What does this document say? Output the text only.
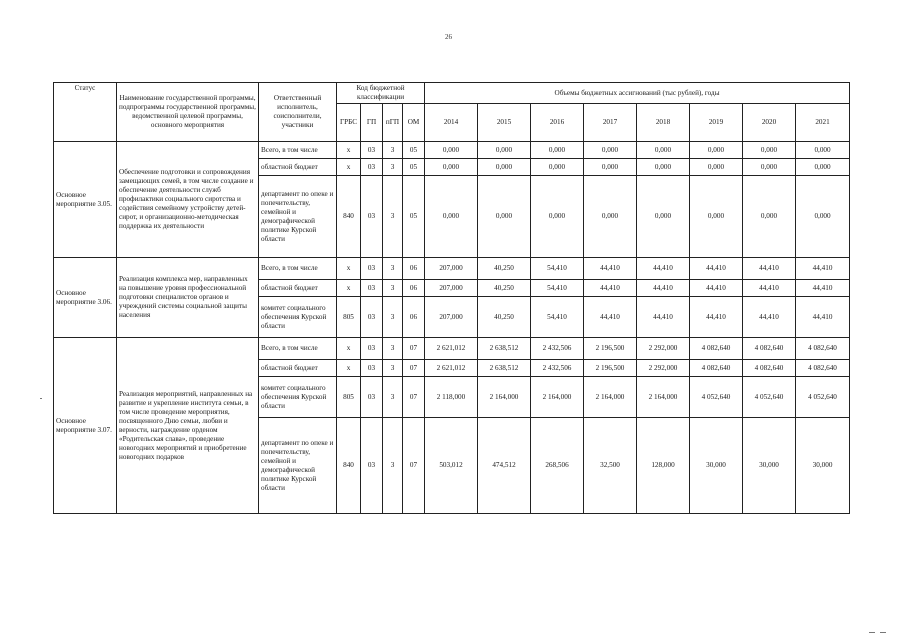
26
Статус	Наименование государственной программы, подпрограммы государственной программы, ведомственной целевой программы, основного мероприятия	Ответственный исполнитель, соисполнители, участники	Код бюджетной классификации				Объемы бюджетных ассигнований (тыс рублей), годы							
			ГРБС	ГП	пГП	ОМ	2014	2015	2016	2017	2018	2019	2020	2021
Основное мероприятие 3.05.	Обеспечение подготовки и сопровождения замещающих семей, в том числе создание и обеспечение деятельности служб профилактики социального сиротства и содействия семейному устройству детей-сирот, и организационно-методическая поддержка их деятельности	Всего, в том числе	х	03	3	05	0,000	0,000	0,000	0,000	0,000	0,000	0,000	0,000
		областной бюджет	х	03	3	05	0,000	0,000	0,000	0,000	0,000	0,000	0,000	0,000
		департамент по опеке и попечительству, семейной и демографической политике Курской области	840	03	3	05	0,000	0,000	0,000	0,000	0,000	0,000	0,000	0,000
Основное мероприятие 3.06.	Реализация комплекса мер, направленных на повышение уровня профессиональной подготовки специалистов органов и учреждений системы социальной защиты населения	Всего, в том числе	х	03	3	06	207,000	40,250	54,410	44,410	44,410	44,410	44,410	44,410
		областной бюджет	х	03	3	06	207,000	40,250	54,410	44,410	44,410	44,410	44,410	44,410
		комитет социального обеспечения Курской области	805	03	3	06	207,000	40,250	54,410	44,410	44,410	44,410	44,410	44,410
Основное мероприятие 3.07.	Реализация мероприятий, направленных на развитие и укрепление института семьи, в том числе проведение мероприятия, посвященного Дню семьи, любви и верности, награждение орденом «Родительская слава», проведение новогодних мероприятий и приобретение новогодних подарков	Всего, в том числе	х	03	3	07	2 621,012	2 638,512	2 432,506	2 196,500	2 292,000	4 082,640	4 082,640	4 082,640
		областной бюджет	х	03	3	07	2 621,012	2 638,512	2 432,506	2 196,500	2 292,000	4 082,640	4 082,640	4 082,640
		комитет социального обеспечения Курской области	805	03	3	07	2 118,000	2 164,000	2 164,000	2 164,000	2 164,000	4 052,640	4 052,640	4 052,640
		департамент по опеке и попечительству, семейной и демографической политике Курской области	840	03	3	07	503,012	474,512	268,506	32,500	128,000	30,000	30,000	30,000
